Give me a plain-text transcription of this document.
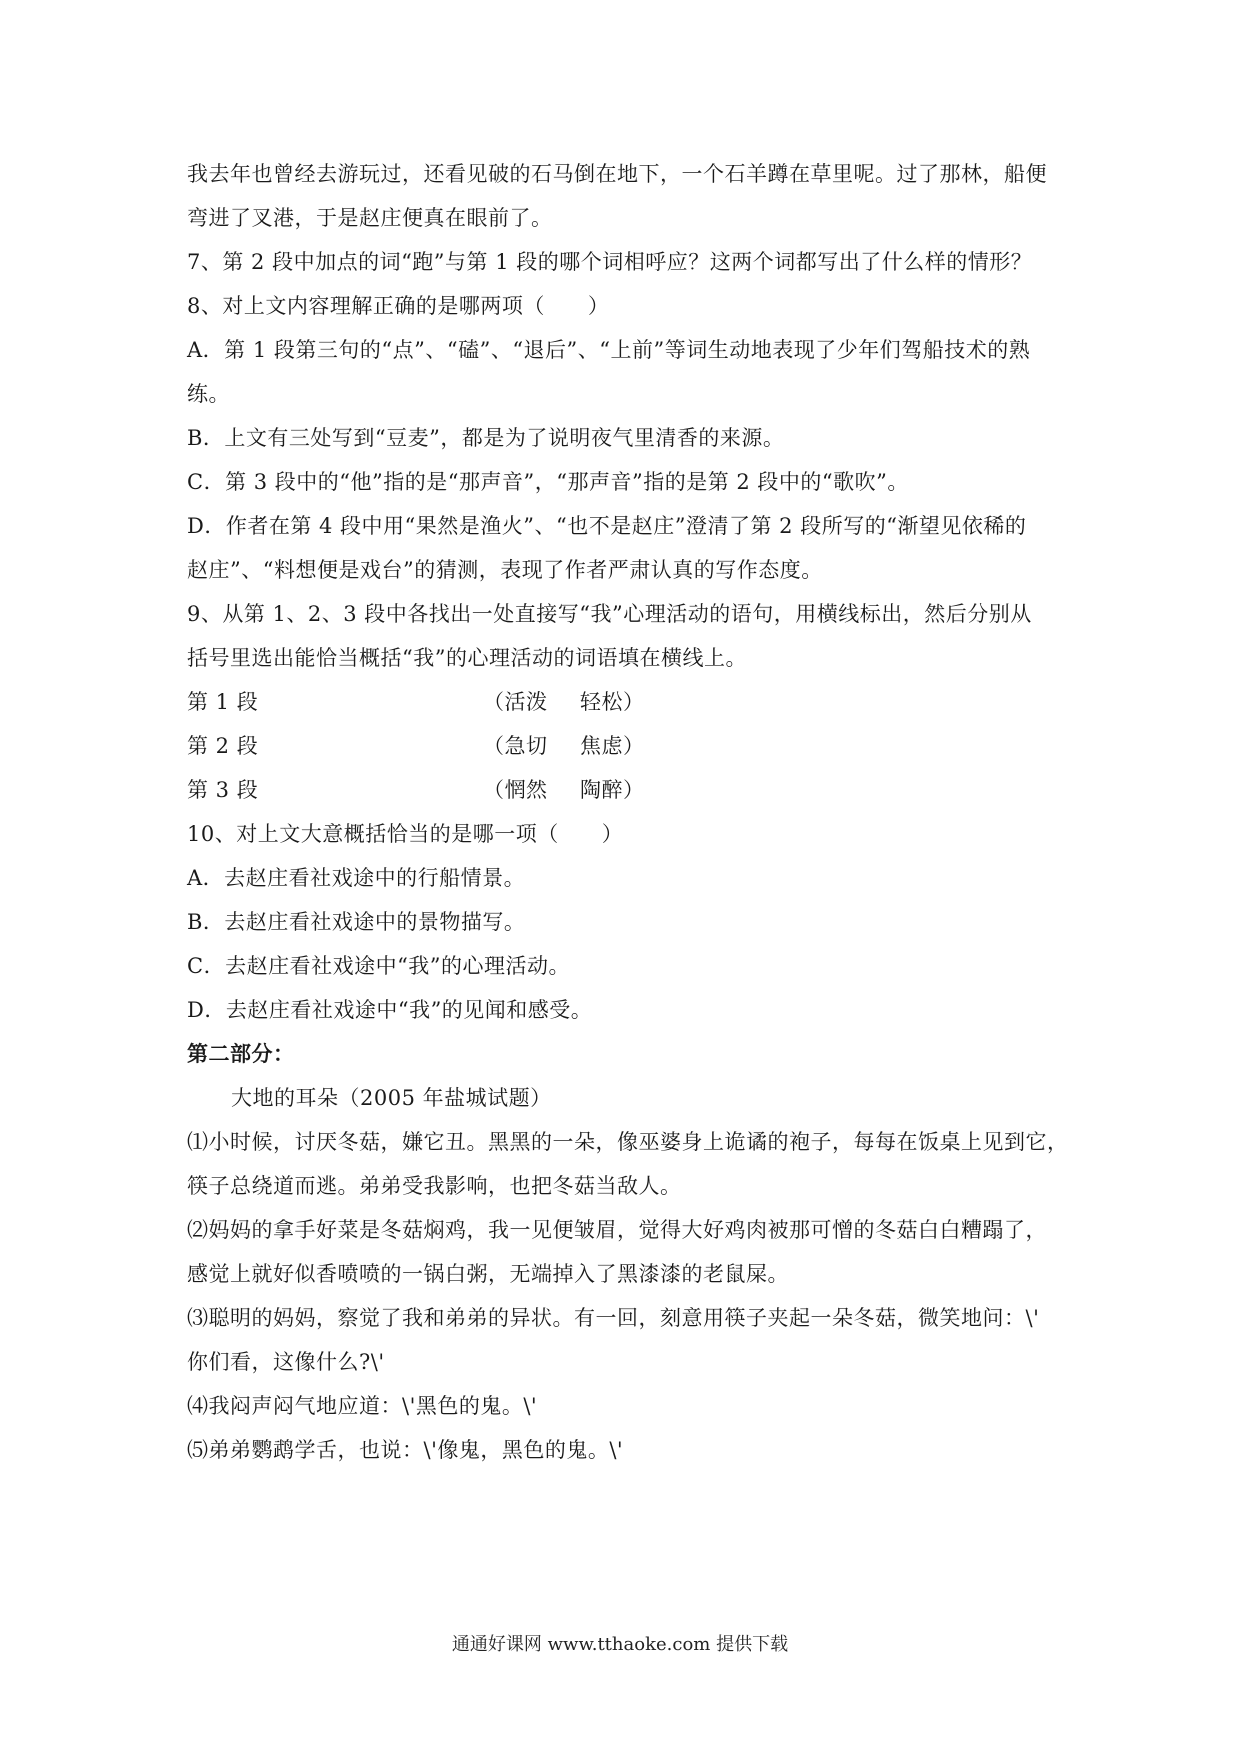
我去年也曾经去游玩过，还看见破的石马倒在地下，一个石羊蹲在草里呢。过了那林，船便
弯进了叉港，于是赵庄便真在眼前了。
7、第 2 段中加点的词“跑”与第 1 段的哪个词相呼应？这两个词都写出了什么样的情形？
8、对上文内容理解正确的是哪两项（　　）
A．第 1 段第三句的“点”、“磕”、“退后”、“上前”等词生动地表现了少年们驾船技术的熟
练。
B．上文有三处写到“豆麦”，都是为了说明夜气里清香的来源。
C．第 3 段中的“他”指的是“那声音”，“那声音”指的是第 2 段中的“歌吹”。
D．作者在第 4 段中用“果然是渔火”、“也不是赵庄”澄清了第 2 段所写的“渐望见依稀的
赵庄”、“料想便是戏台”的猜测，表现了作者严肃认真的写作态度。
9、从第 1、2、3 段中各找出一处直接写“我”心理活动的语句，用横线标出，然后分别从
括号里选出能恰当概括“我”的心理活动的词语填在横线上。
第 1 段	（活泼 轻松）
第 2 段	（急切 焦虑）
第 3 段	（惘然 陶醉）
10、对上文大意概括恰当的是哪一项（　　）
A．去赵庄看社戏途中的行船情景。
B．去赵庄看社戏途中的景物描写。
C．去赵庄看社戏途中“我”的心理活动。
D．去赵庄看社戏途中“我”的见闻和感受。
第二部分：
大地的耳朵（2005 年盐城试题）
⑴小时候，讨厌冬菇，嫌它丑。黑黑的一朵，像巫婆身上诡谲的袍子，每每在饭桌上见到它，
筷子总绕道而逃。弟弟受我影响，也把冬菇当敌人。
⑵妈妈的拿手好菜是冬菇焖鸡，我一见便皱眉，觉得大好鸡肉被那可憎的冬菇白白糟蹋了，
感觉上就好似香喷喷的一锅白粥，无端掉入了黑漆漆的老鼠屎。
⑶聪明的妈妈，察觉了我和弟弟的异状。有一回，刻意用筷子夹起一朵冬菇，微笑地问：\'
你们看，这像什么?\'
⑷我闷声闷气地应道：\'黑色的鬼。\'
⑸弟弟鹦鹉学舌，也说：\'像鬼，黑色的鬼。\'
通通好课网 www.tthaoke.com 提供下载
